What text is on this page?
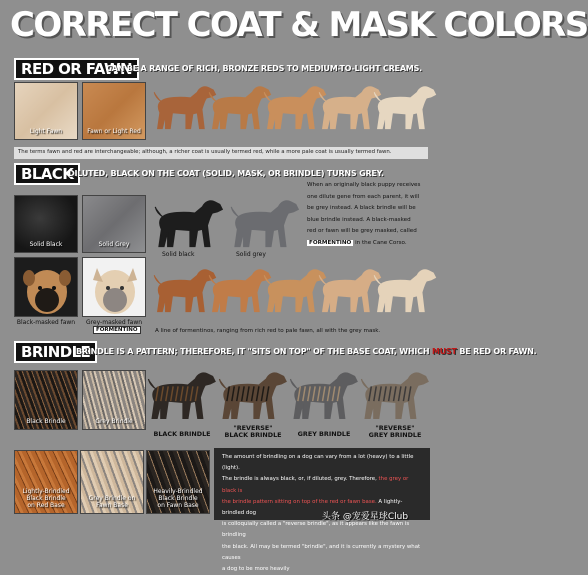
CORRECT COAT & MASK COLORS
RED OR FAWN
CAN BE A RANGE OF RICH, BRONZE REDS TO MEDIUM-TO-LIGHT CREAMS.
Light Fawn	Fawn or Light Red
The terms fawn and red are interchangeable; although, a richer coat is usually termed red, while a more pale coat is usually termed fawn.
BLACK
DILUTED, BLACK ON THE COAT (SOLID, MASK, OR BRINDLE) TURNS GREY.
Solid Black	Solid Grey
Solid black	Solid grey
When an originally black puppy receives
one dilute gene from each parent, it will
be grey instead. A black brindle will be
blue brindle instead. A black-masked
red or fawn will be grey masked, called
FORMENTINO in the Cane Corso.
Black-masked fawn	Grey-masked fawn
FORMENTINO	A line of formentinos, ranging from rich red to pale fawn, all with the grey mask.
BRINDLE
BRINDLE IS A PATTERN; THEREFORE, IT "SITS ON TOP" OF THE BASE COAT, WHICH MUST BE RED OR FAWN.
Black Brindle	Grey Brindle
BLACK BRINDLE
"REVERSE"
BLACK BRINDLE	GREY BRINDLE
"REVERSE"
GREY BRINDLE
Lightly-Brindled
Black Brindle
on Red Base
Grey Brindle on
Fawn Base
Heavily-Brindled
Black Brindle
on Fawn Base
The amount of brindling on a dog can vary from a lot (heavy) to a little (light).
The brindle is always black, or, if diluted, grey. Therefore, the grey or black is
the brindle pattern sitting on top of the red or fawn base. A lightly-brindled dog
is colloquially called a "reverse brindle", as it appears like the fawn is brindling
the black. All may be termed "brindle", and it is currently a mystery what causes
a dog to be more heavily
头条 @宠爱星球Club
